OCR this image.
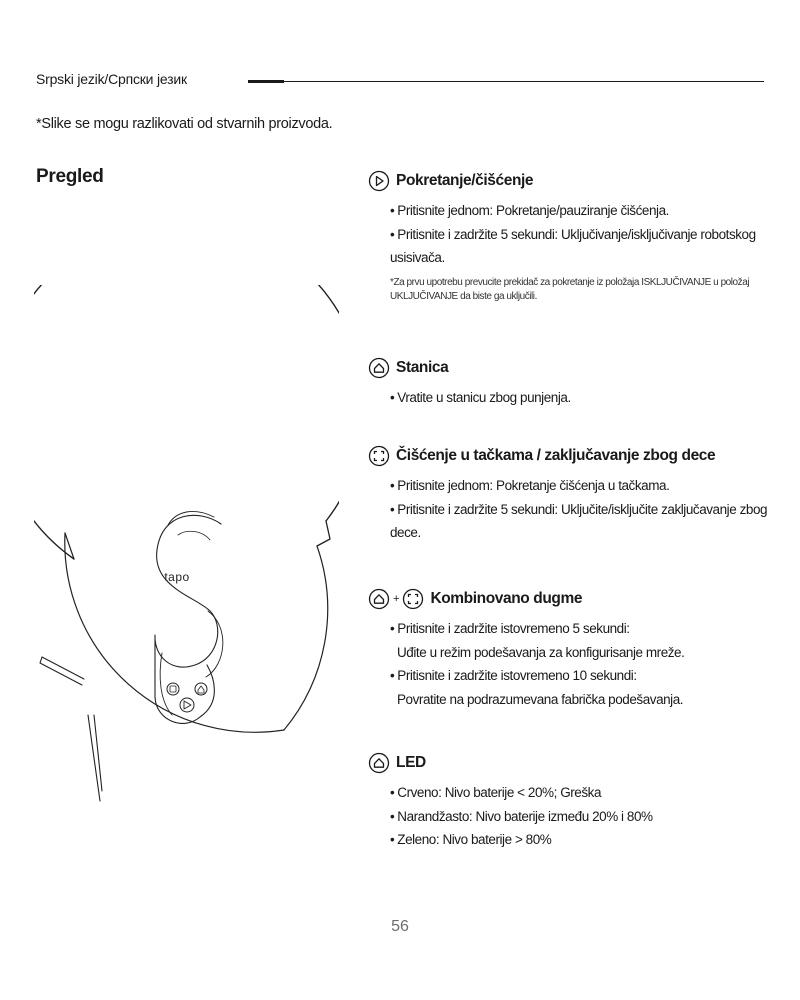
Srpski jezik/Српски језик
*Slike se mogu razlikovati od stvarnih proizvoda.
Pregled
tapo
Pokretanje/čišćenje
• Pritisnite jednom: Pokretanje/pauziranje čišćenja.
• Pritisnite i zadržite 5 sekundi: Uključivanje/isključivanje robotskog usisivača.
*Za prvu upotrebu prevucite prekidač za pokretanje iz položaja ISKLJUČIVANJE u položaj UKLJUČIVANJE da biste ga uključili.
Stanica
• Vratite u stanicu zbog punjenja.
Čišćenje u tačkama / zaključavanje zbog dece
• Pritisnite jednom: Pokretanje čišćenja u tačkama.
• Pritisnite i zadržite 5 sekundi: Uključite/isključite zaključavanje zbog dece.
+ Kombinovano dugme
• Pritisnite i zadržite istovremeno 5 sekundi:
Uđite u režim podešavanja za konfigurisanje mreže.
• Pritisnite i zadržite istovremeno 10 sekundi:
Povratite na podrazumevana fabrička podešavanja.
LED
• Crveno: Nivo baterije < 20%; Greška
• Narandžasto: Nivo baterije između 20% i 80%
• Zeleno: Nivo baterije > 80%
56
